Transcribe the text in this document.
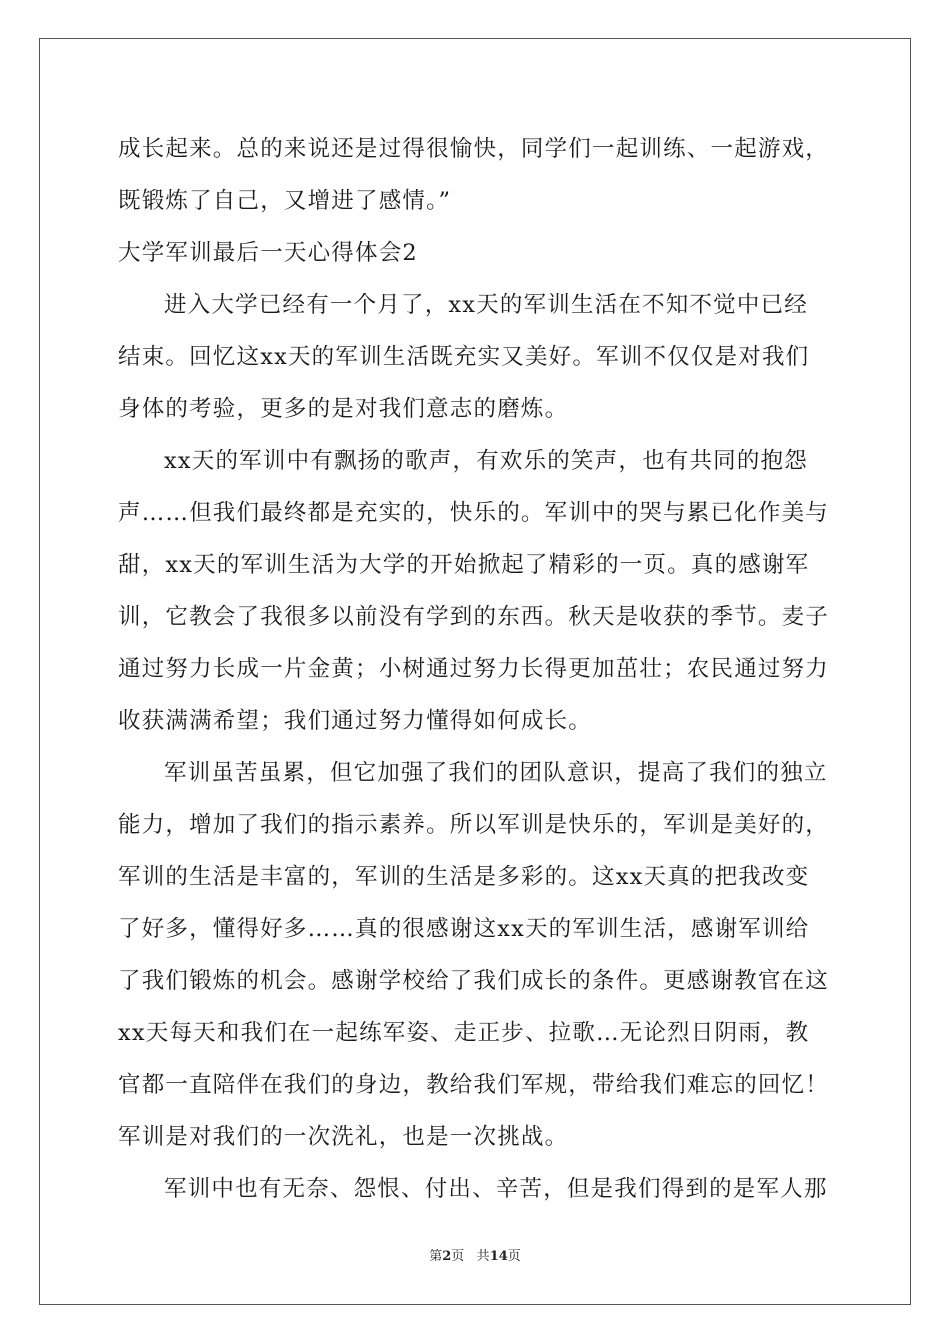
成长起来。总的来说还是过得很愉快，同学们一起训练、一起游戏，
既锻炼了自己，又增进了感情。”
大学军训最后一天心得体会2
进入大学已经有一个月了，xx天的军训生活在不知不觉中已经
结束。回忆这xx天的军训生活既充实又美好。军训不仅仅是对我们
身体的考验，更多的是对我们意志的磨炼。
xx天的军训中有飘扬的歌声，有欢乐的笑声，也有共同的抱怨
声……但我们最终都是充实的，快乐的。军训中的哭与累已化作美与
甜，xx天的军训生活为大学的开始掀起了精彩的一页。真的感谢军
训，它教会了我很多以前没有学到的东西。秋天是收获的季节。麦子
通过努力长成一片金黄；小树通过努力长得更加茁壮；农民通过努力
收获满满希望；我们通过努力懂得如何成长。
军训虽苦虽累，但它加强了我们的团队意识，提高了我们的独立
能力，增加了我们的指示素养。所以军训是快乐的，军训是美好的，
军训的生活是丰富的，军训的生活是多彩的。这xx天真的把我改变
了好多，懂得好多……真的很感谢这xx天的军训生活，感谢军训给
了我们锻炼的机会。感谢学校给了我们成长的条件。更感谢教官在这
xx天每天和我们在一起练军姿、走正步、拉歌…无论烈日阴雨，教
官都一直陪伴在我们的身边，教给我们军规，带给我们难忘的回忆！
军训是对我们的一次洗礼，也是一次挑战。
军训中也有无奈、怨恨、付出、辛苦，但是我们得到的是军人那
第2页 共14页
